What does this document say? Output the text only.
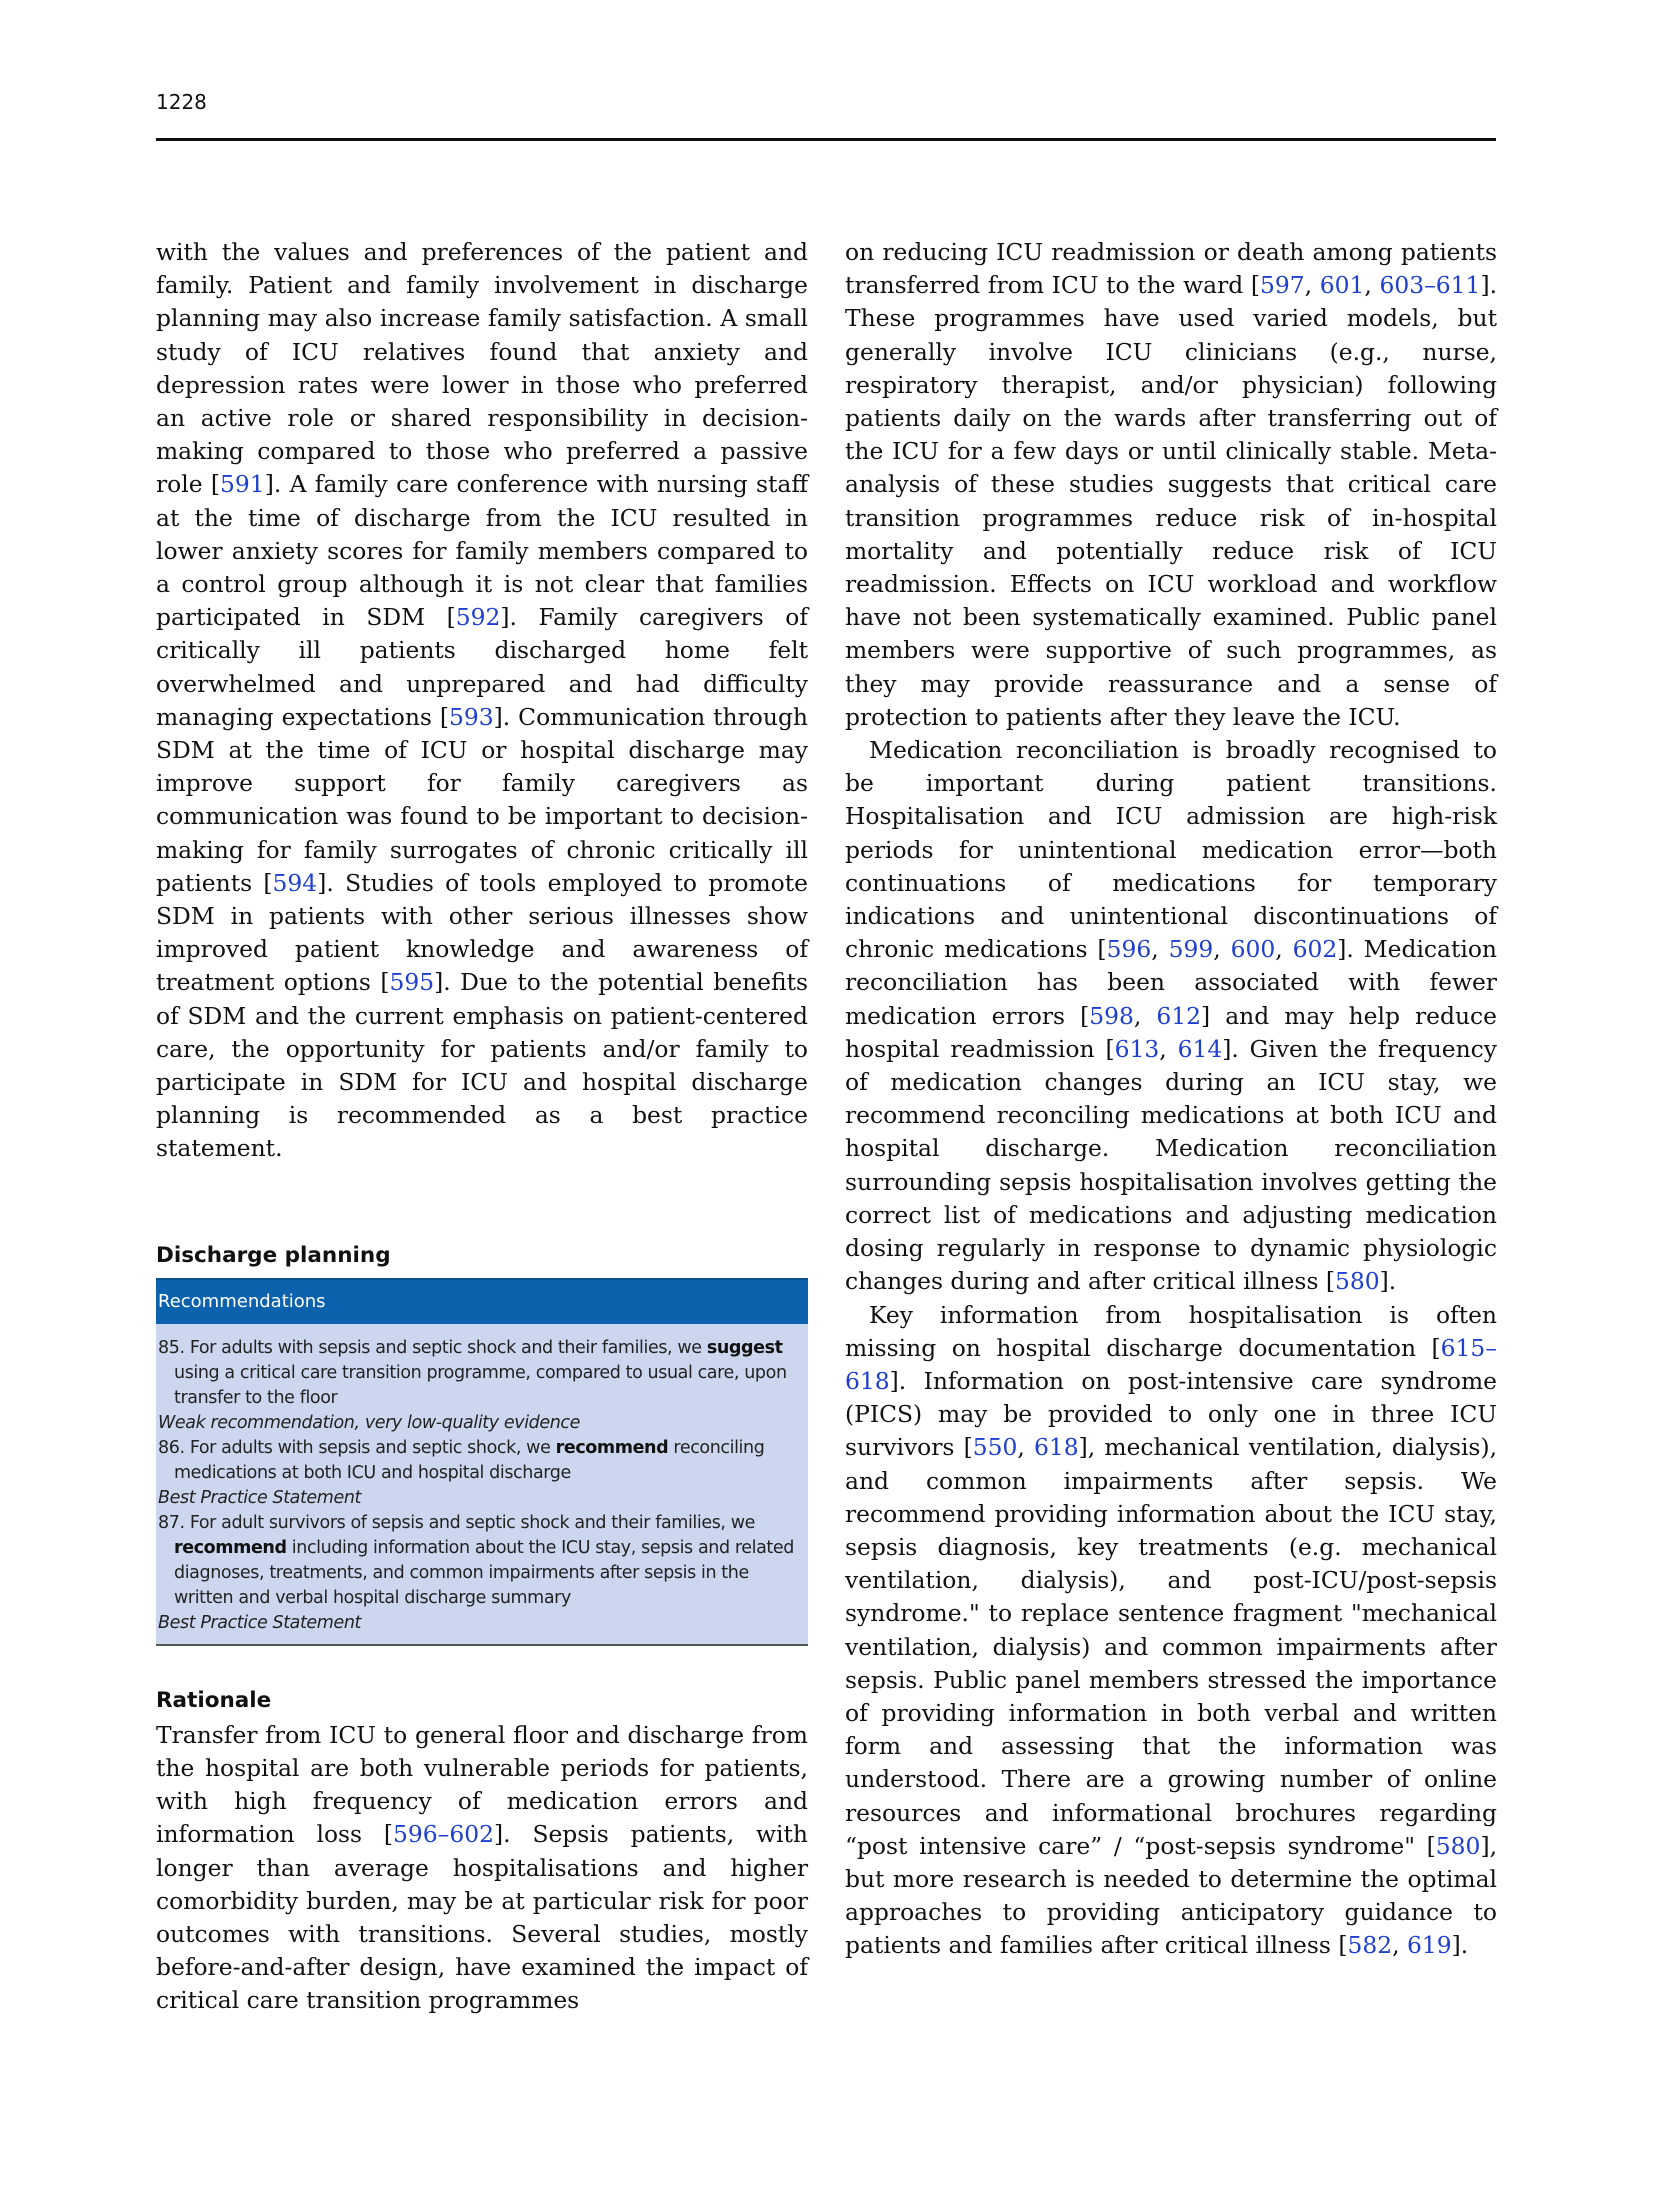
1228

with the values and preferences of the patient and family. Patient and family involvement in discharge planning may also increase family satisfaction. A small study of ICU relatives found that anxiety and depression rates were lower in those who preferred an active role or shared responsibility in decision-making compared to those who preferred a passive role [591]. A family care conference with nursing staff at the time of discharge from the ICU resulted in lower anxiety scores for family members compared to a control group although it is not clear that families participated in SDM [592]. Family caregivers of critically ill patients discharged home felt overwhelmed and unprepared and had difficulty managing expectations [593]. Communication through SDM at the time of ICU or hospital discharge may improve support for family caregivers as communication was found to be important to decision-making for family surrogates of chronic critically ill patients [594]. Studies of tools employed to promote SDM in patients with other serious illnesses show improved patient knowledge and awareness of treatment options [595]. Due to the potential benefits of SDM and the current emphasis on patient-centered care, the opportunity for patients and/or family to participate in SDM for ICU and hospital discharge planning is recommended as a best practice statement.

Discharge planning
Recommendations

85. For adults with sepsis and septic shock and their families, we suggest using a critical care transition programme, compared to usual care, upon transfer to the floor

Weak recommendation, very low-quality evidence

86. For adults with sepsis and septic shock, we recommend reconciling medications at both ICU and hospital discharge

Best Practice Statement

87. For adult survivors of sepsis and septic shock and their families, we recommend including information about the ICU stay, sepsis and related diagnoses, treatments, and common impairments after sepsis in the written and verbal hospital discharge summary

Best Practice Statement

Rationale

Transfer from ICU to general floor and discharge from the hospital are both vulnerable periods for patients, with high frequency of medication errors and information loss [596–602]. Sepsis patients, with longer than average hospitalisations and higher comorbidity burden, may be at particular risk for poor outcomes with transitions. Several studies, mostly before-and-after design, have examined the impact of critical care transition programmes

on reducing ICU readmission or death among patients transferred from ICU to the ward [597, 601, 603–611]. These programmes have used varied models, but generally involve ICU clinicians (e.g., nurse, respiratory therapist, and/or physician) following patients daily on the wards after transferring out of the ICU for a few days or until clinically stable. Meta-analysis of these studies suggests that critical care transition programmes reduce risk of in-hospital mortality and potentially reduce risk of ICU readmission. Effects on ICU workload and workflow have not been systematically examined. Public panel members were supportive of such programmes, as they may provide reassurance and a sense of protection to patients after they leave the ICU.

Medication reconciliation is broadly recognised to be important during patient transitions. Hospitalisation and ICU admission are high-risk periods for unintentional medication error—both continuations of medications for temporary indications and unintentional discontinuations of chronic medications [596, 599, 600, 602]. Medication reconciliation has been associated with fewer medication errors [598, 612] and may help reduce hospital readmission [613, 614]. Given the frequency of medication changes during an ICU stay, we recommend reconciling medications at both ICU and hospital discharge. Medication reconciliation surrounding sepsis hospitalisation involves getting the correct list of medications and adjusting medication dosing regularly in response to dynamic physiologic changes during and after critical illness [580].

Key information from hospitalisation is often missing on hospital discharge documentation [615–618]. Information on post-intensive care syndrome (PICS) may be provided to only one in three ICU survivors [550, 618], mechanical ventilation, dialysis), and common impairments after sepsis. We recommend providing information about the ICU stay, sepsis diagnosis, key treatments (e.g. mechanical ventilation, dialysis), and post-ICU/post-sepsis syndrome." to replace sentence fragment "mechanical ventilation, dialysis) and common impairments after sepsis. Public panel members stressed the importance of providing information in both verbal and written form and assessing that the information was understood. There are a growing number of online resources and informational brochures regarding “post intensive care” / “post-sepsis syndrome" [580], but more research is needed to determine the optimal approaches to providing anticipatory guidance to patients and families after critical illness [582, 619].
